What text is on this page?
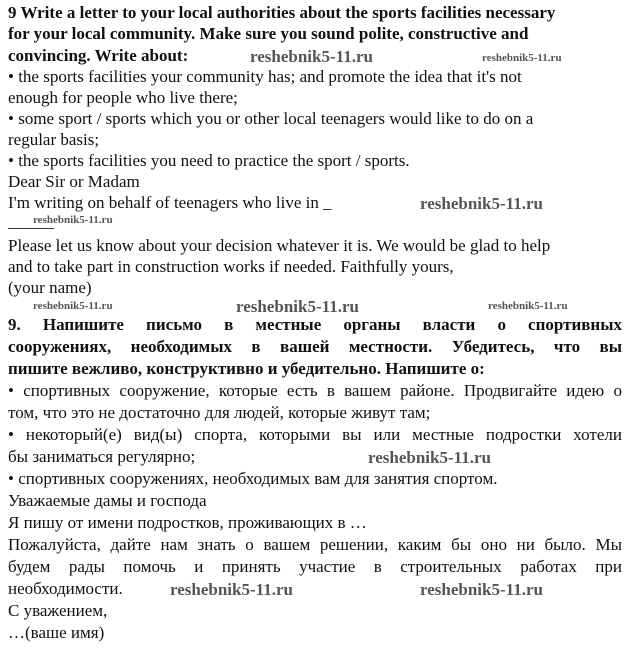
9 Write a letter to your local authorities about the sports facilities necessary
for your local community. Make sure you sound polite, constructive and
convincing. Write about:
• the sports facilities your community has; and promote the idea that it's not
enough for people who live there;
• some sport / sports which you or other local teenagers would like to do on a
regular basis;
• the sports facilities you need to practice the sport / sports.
Dear Sir or Madam
I'm writing on behalf of teenagers who live in _
Please let us know about your decision whatever it is. We would be glad to help
and to take part in construction works if needed. Faithfully yours,
(your name)
9. Напишите письмо в местные органы власти о спортивных
сооружениях, необходимых в вашей местности. Убедитесь, что вы
пишите вежливо, конструктивно и убедительно. Напишите о:
• спортивных сооружение, которые есть в вашем районе. Продвигайте идею о
том, что это не достаточно для людей, которые живут там;
• некоторый(е) вид(ы) спорта, которыми вы или местные подростки хотели
бы заниматься регулярно;
• спортивных сооружениях, необходимых вам для занятия спортом.
Уважаемые дамы и господа
Я пишу от имени подростков, проживающих в …
Пожалуйста, дайте нам знать о вашем решении, каким бы оно ни было. Мы
будем рады помочь и принять участие в строительных работах при
необходимости.
С уважением,
…(ваше имя)
reshebnik5-11.ru	reshebnik5-11.ru
reshebnik5-11.ru
reshebnik5-11.ru
reshebnik5-11.ru	reshebnik5-11.ru	reshebnik5-11.ru
reshebnik5-11.ru
reshebnik5-11.ru	reshebnik5-11.ru
